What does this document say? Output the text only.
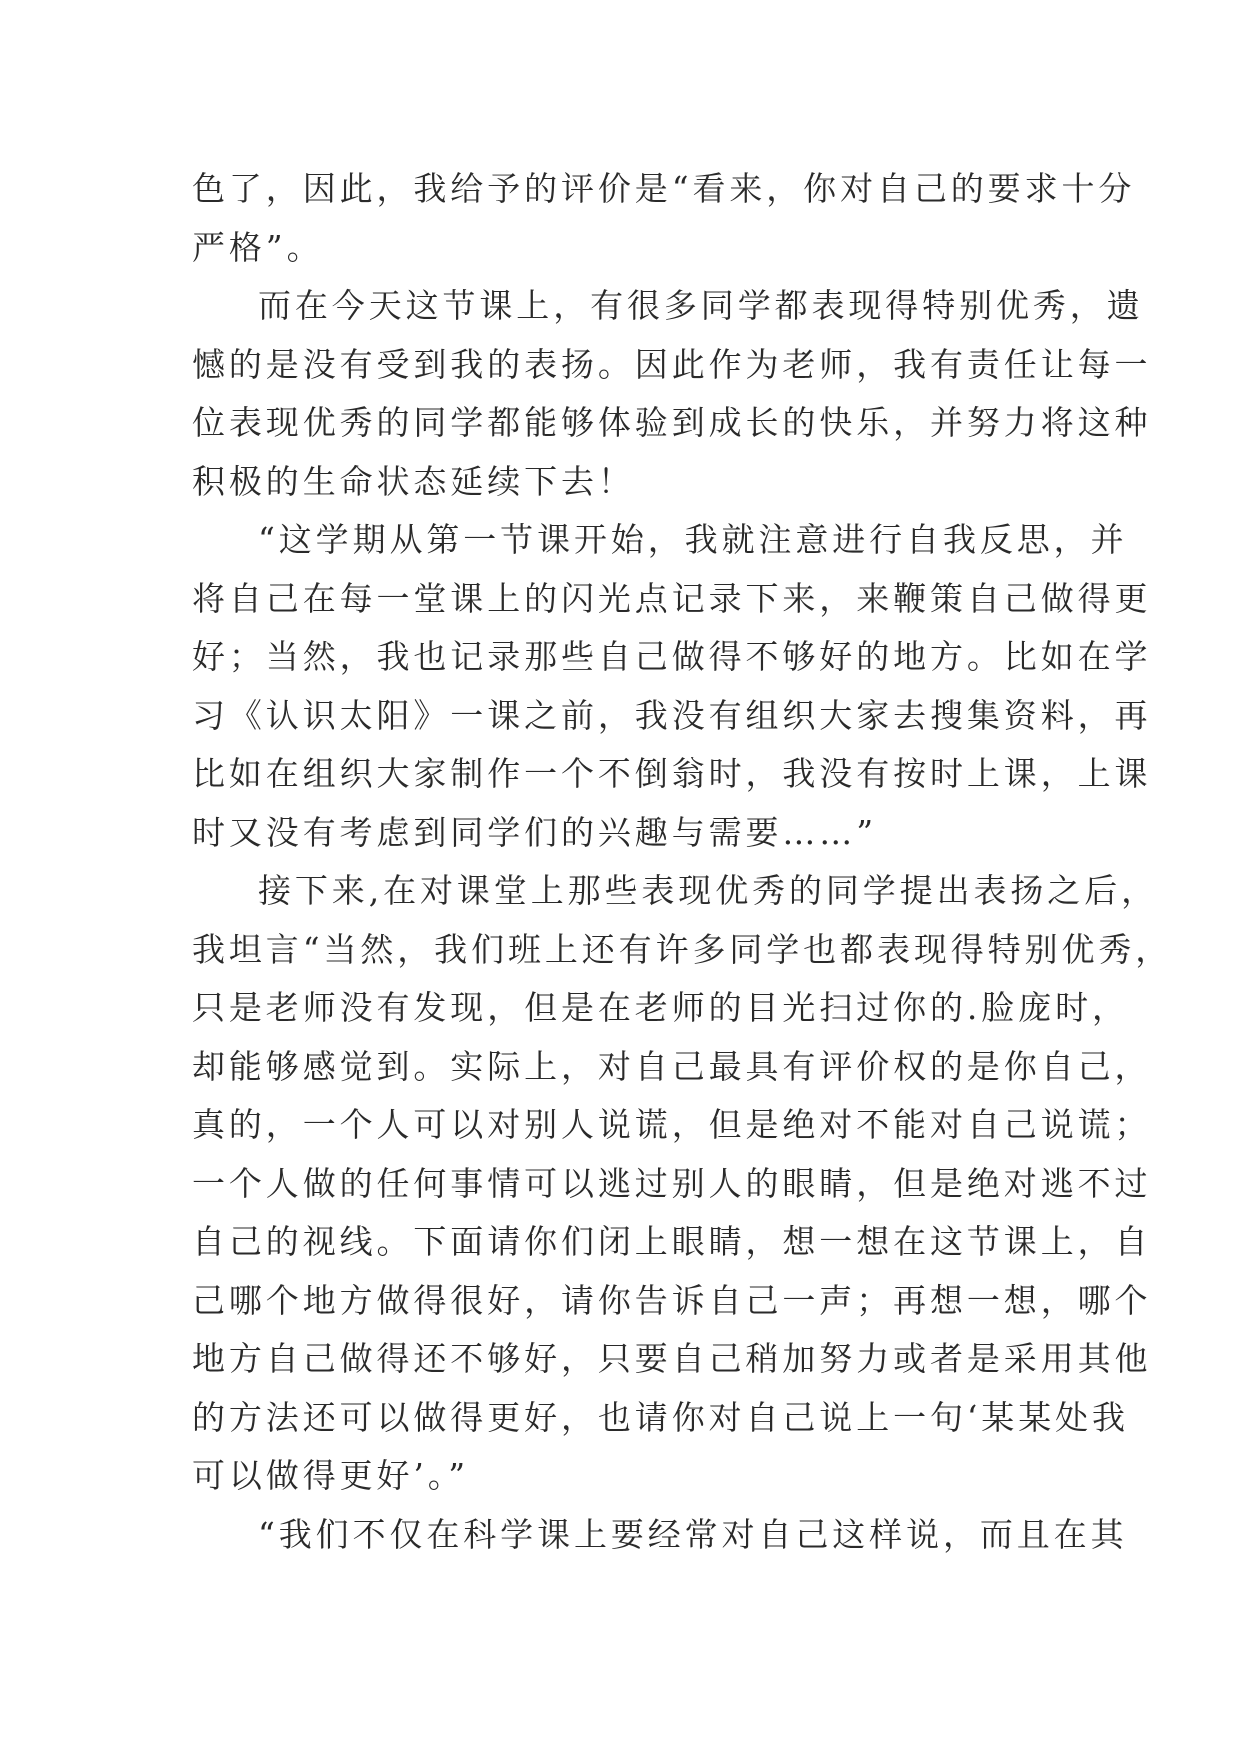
色了，因此，我给予的评价是“看来，你对自己的要求十分
严格”。
而在今天这节课上，有很多同学都表现得特别优秀，遗
憾的是没有受到我的表扬。因此作为老师，我有责任让每一
位表现优秀的同学都能够体验到成长的快乐，并努力将这种
积极的生命状态延续下去！
“这学期从第一节课开始，我就注意进行自我反思，并
将自己在每一堂课上的闪光点记录下来，来鞭策自己做得更
好；当然，我也记录那些自己做得不够好的地方。比如在学
习《认识太阳》一课之前，我没有组织大家去搜集资料，再
比如在组织大家制作一个不倒翁时，我没有按时上课，上课
时又没有考虑到同学们的兴趣与需要……”
接下来,在对课堂上那些表现优秀的同学提出表扬之后，
我坦言“当然，我们班上还有许多同学也都表现得特别优秀，
只是老师没有发现，但是在老师的目光扫过你的.脸庞时，
却能够感觉到。实际上，对自己最具有评价权的是你自己，
真的，一个人可以对别人说谎，但是绝对不能对自己说谎；
一个人做的任何事情可以逃过别人的眼睛，但是绝对逃不过
自己的视线。下面请你们闭上眼睛，想一想在这节课上，自
己哪个地方做得很好，请你告诉自己一声；再想一想，哪个
地方自己做得还不够好，只要自己稍加努力或者是采用其他
的方法还可以做得更好，也请你对自己说上一句‘某某处我
可以做得更好’。”
“我们不仅在科学课上要经常对自己这样说，而且在其
